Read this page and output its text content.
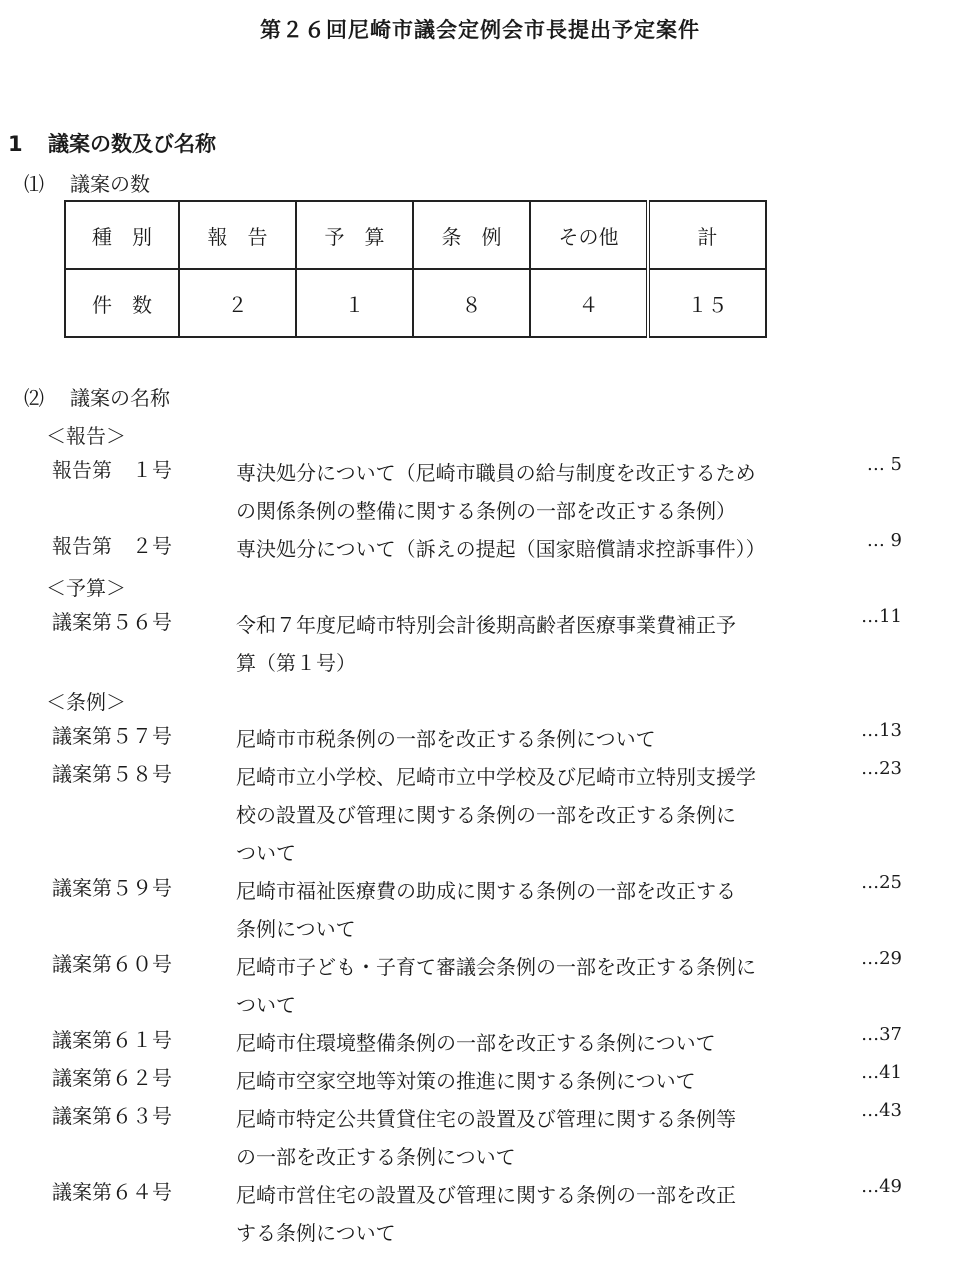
第２６回尼崎市議会定例会市長提出予定案件
1 議案の数及び名称
⑴ 議案の数
種　別	報　告	予　算	条　例	その他	計
件　数	２	１	８	４	１５
⑵ 議案の名称
＜報告＞
報告第　１号	専決処分について（尼崎市職員の給与制度を改正するため
の関係条例の整備に関する条例の一部を改正する条例）
… 5
報告第　２号	専決処分について（訴えの提起（国家賠償請求控訴事件））	… 9
＜予算＞
議案第５６号	令和７年度尼崎市特別会計後期高齢者医療事業費補正予
算（第１号）
…11
＜条例＞
議案第５７号	尼崎市市税条例の一部を改正する条例について	…13
議案第５８号	尼崎市立小学校、尼崎市立中学校及び尼崎市立特別支援学
校の設置及び管理に関する条例の一部を改正する条例に
ついて
…23
議案第５９号	尼崎市福祉医療費の助成に関する条例の一部を改正する
条例について
…25
議案第６０号	尼崎市子ども・子育て審議会条例の一部を改正する条例に
ついて
…29
議案第６１号	尼崎市住環境整備条例の一部を改正する条例について	…37
議案第６２号	尼崎市空家空地等対策の推進に関する条例について	…41
議案第６３号	尼崎市特定公共賃貸住宅の設置及び管理に関する条例等
の一部を改正する条例について
…43
議案第６４号	尼崎市営住宅の設置及び管理に関する条例の一部を改正
する条例について
…49
